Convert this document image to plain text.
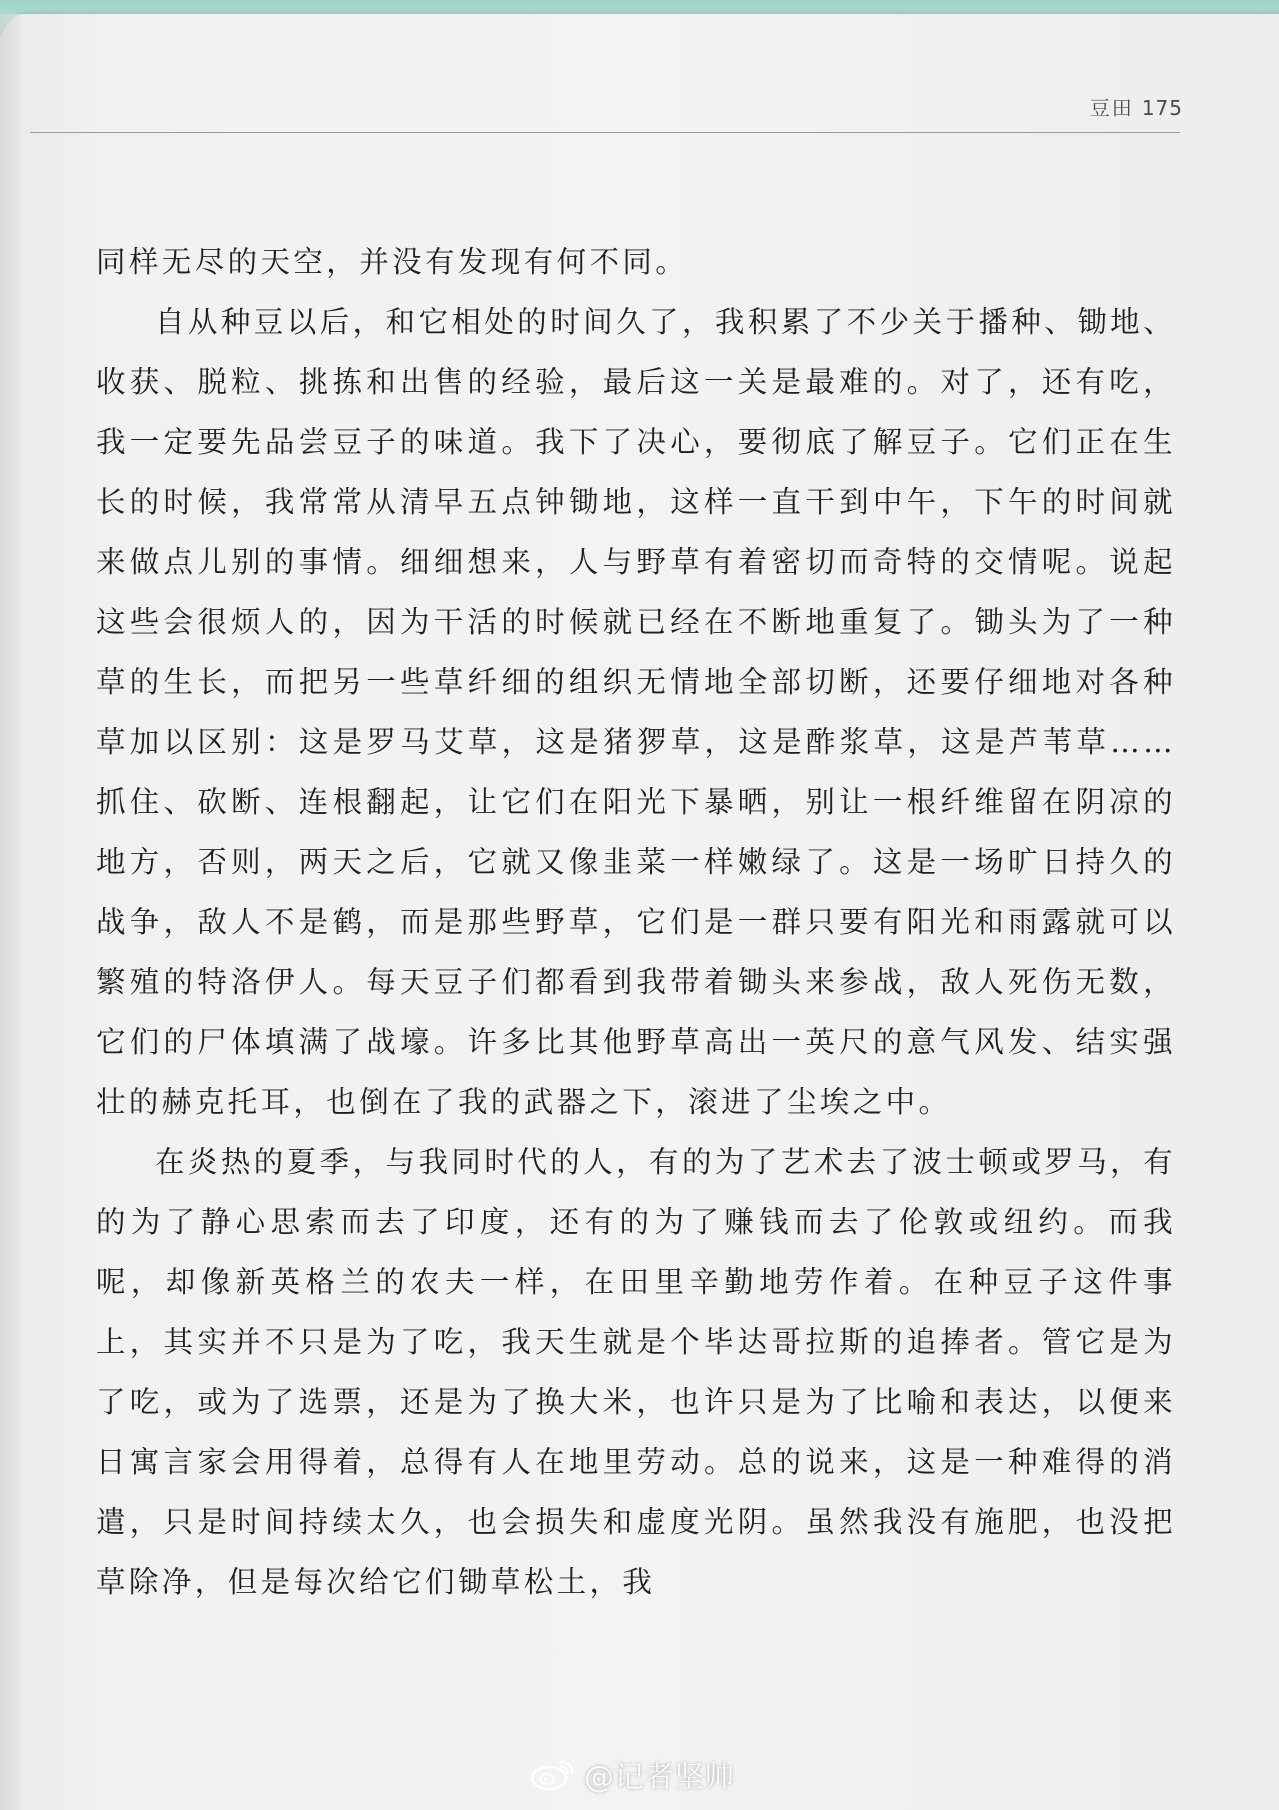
豆田 175

同样无尽的天空，并没有发现有何不同。

自从种豆以后，和它相处的时间久了，我积累了不少关于播种、锄地、收获、脱粒、挑拣和出售的经验，最后这一关是最难的。对了，还有吃，我一定要先品尝豆子的味道。我下了决心，要彻底了解豆子。它们正在生长的时候，我常常从清早五点钟锄地，这样一直干到中午，下午的时间就来做点儿别的事情。细细想来，人与野草有着密切而奇特的交情呢。说起这些会很烦人的，因为干活的时候就已经在不断地重复了。锄头为了一种草的生长，而把另一些草纤细的组织无情地全部切断，还要仔细地对各种草加以区别：这是罗马艾草，这是猪猡草，这是酢浆草，这是芦苇草……抓住、砍断、连根翻起，让它们在阳光下暴晒，别让一根纤维留在阴凉的地方，否则，两天之后，它就又像韭菜一样嫩绿了。这是一场旷日持久的战争，敌人不是鹤，而是那些野草，它们是一群只要有阳光和雨露就可以繁殖的特洛伊人。每天豆子们都看到我带着锄头来参战，敌人死伤无数，它们的尸体填满了战壕。许多比其他野草高出一英尺的意气风发、结实强壮的赫克托耳，也倒在了我的武器之下，滚进了尘埃之中。

在炎热的夏季，与我同时代的人，有的为了艺术去了波士顿或罗马，有的为了静心思索而去了印度，还有的为了赚钱而去了伦敦或纽约。而我呢，却像新英格兰的农夫一样，在田里辛勤地劳作着。在种豆子这件事上，其实并不只是为了吃，我天生就是个毕达哥拉斯的追捧者。管它是为了吃，或为了选票，还是为了换大米，也许只是为了比喻和表达，以便来日寓言家会用得着，总得有人在地里劳动。总的说来，这是一种难得的消遣，只是时间持续太久，也会损失和虚度光阴。虽然我没有施肥，也没把草除净，但是每次给它们锄草松土，我

@记者坚帅
